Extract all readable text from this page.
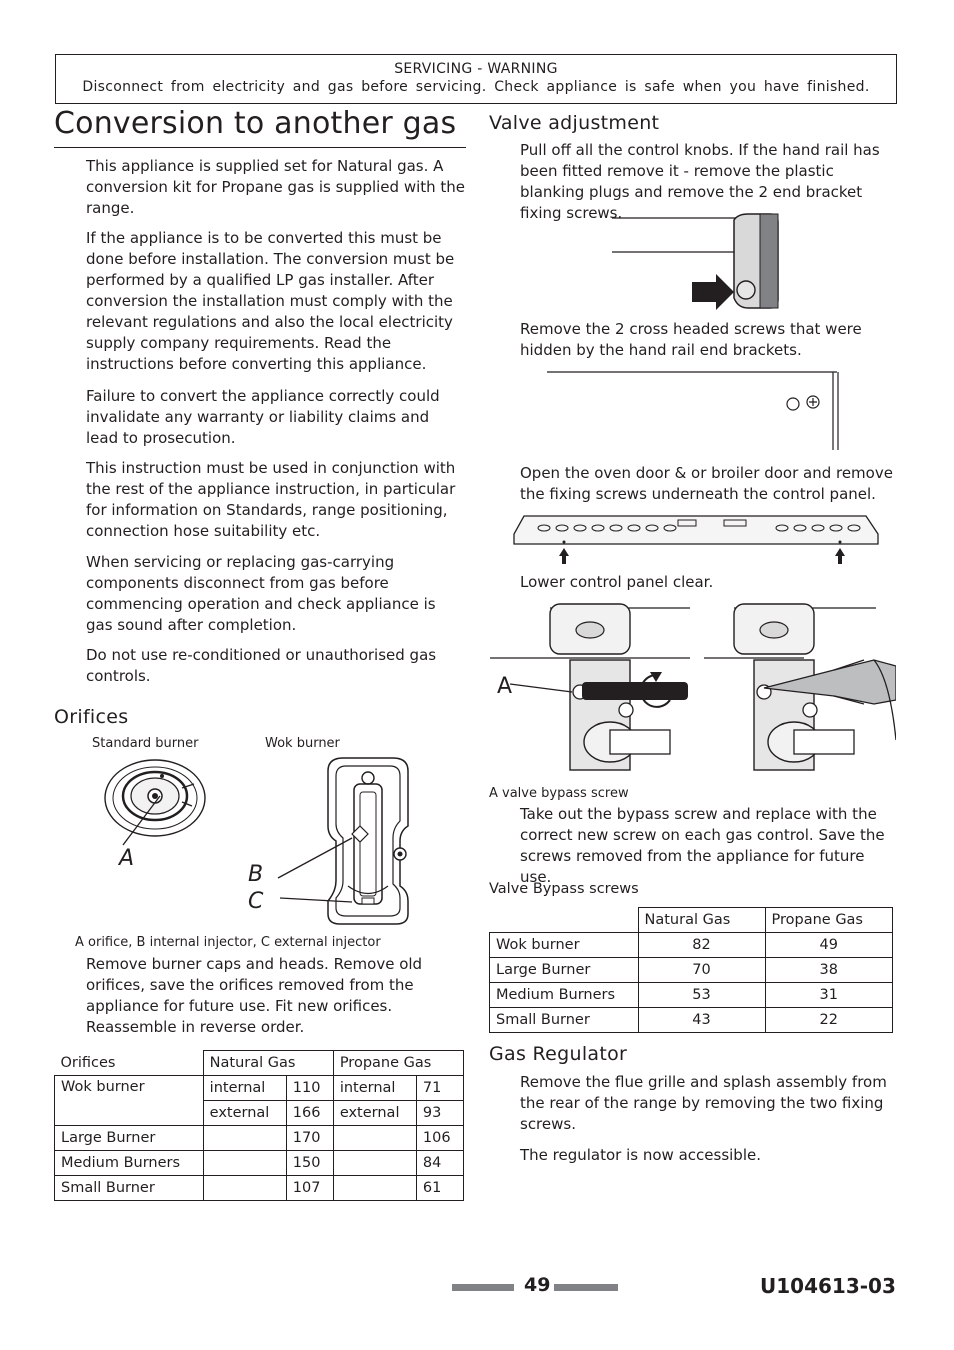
SERVICING - WARNING
Disconnect from electricity and gas before servicing. Check appliance is safe when you have finished.
Conversion to another gas

This appliance is supplied set for Natural gas. A conversion kit for Propane gas is supplied with the range.

If the appliance is to be converted this must be done before installation. The conversion must be performed by a qualified LP gas installer. After conversion the installation must comply with the relevant regulations and also the local electricity supply company requirements. Read the instructions before converting this appliance.

Failure to convert the appliance correctly could invalidate any warranty or liability claims and lead to prosecution.

This instruction must be used in conjunction with the rest of the appliance instruction, in particular for information on Standards, range positioning, connection hose suitability etc.

When servicing or replacing gas-carrying components disconnect from gas before commencing operation and check appliance is gas sound after completion.

Do not use re-conditioned or unauthorised gas controls.

Orifices
Standard burner	Wok burner
A
B
C
A orifice, B internal injector, C external injector

Remove burner caps and heads. Remove old orifices, save the orifices removed from the appliance for future use. Fit new orifices. Reassemble in reverse order.

Orifices	Natural Gas		Propane Gas	
Wok burner	internal	110	internal	71
	external	166	external	93
Large Burner		170		106
Medium Burners		150		84
Small Burner		107		61
Valve adjustment

Pull off all the control knobs. If the hand rail has been fitted remove it - remove the plastic blanking plugs and remove the 2 end bracket fixing screws.

Remove the 2 cross headed screws that were hidden by the hand rail end brackets.

Open the oven door & or broiler door and remove the fixing screws underneath the control panel.

Lower control panel clear.

A
A valve bypass screw

Take out the bypass screw and replace with the correct new screw on each gas control. Save the screws removed from the appliance for future use.

Valve Bypass screws
	Natural Gas	Propane Gas
Wok burner	82	49
Large Burner	70	38
Medium Burners	53	31
Small Burner	43	22
Gas Regulator

Remove the flue grille and splash assembly from the rear of the range by removing the two fixing screws.

The regulator is now accessible.

49	U104613-03
